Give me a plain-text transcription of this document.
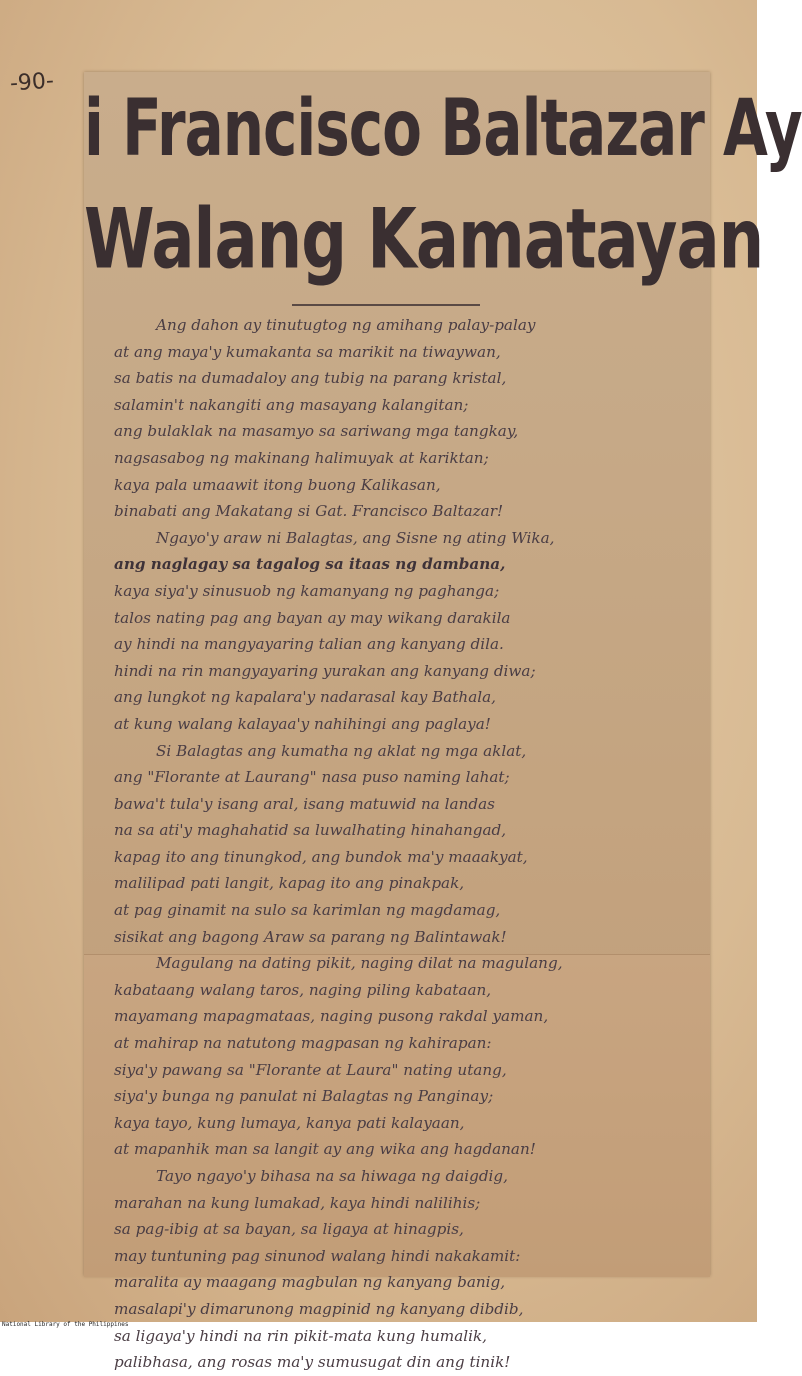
-90- i Francisco Baltazar Ay
Walang Kamatayan
Ang dahon ay tinutugtog ng amihang palay-palay
at ang maya'y kumakanta sa marikit na tiwaywan,
sa batis na dumadaloy ang tubig na parang kristal,
salamin't nakangiti ang masayang kalangitan;
ang bulaklak na masamyo sa sariwang mga tangkay,
nagsasabog ng makinang halimuyak at kariktan;
kaya pala umaawit itong buong Kalikasan,
binabati ang Makatang si Gat. Francisco Baltazar!
Ngayo'y araw ni Balagtas, ang Sisne ng ating Wika,
ang naglagay sa tagalog sa itaas ng dambana,
kaya siya'y sinusuob ng kamanyang ng paghanga;
talos nating pag ang bayan ay may wikang darakila
ay hindi na mangyayaring talian ang kanyang dila.
hindi na rin mangyayaring yurakan ang kanyang diwa;
ang lungkot ng kapalara'y nadarasal kay Bathala,
at kung walang kalayaa'y nahihingi ang paglaya!
Si Balagtas ang kumatha ng aklat ng mga aklat,
ang "Florante at Laurang" nasa puso naming lahat;
bawa't tula'y isang aral, isang matuwid na landas
na sa ati'y maghahatid sa luwalhating hinahangad,
kapag ito ang tinungkod, ang bundok ma'y maaakyat,
malilipad pati langit, kapag ito ang pinakpak,
at pag ginamit na sulo sa karimlan ng magdamag,
sisikat ang bagong Araw sa parang ng Balintawak!
Magulang na dating pikit, naging dilat na magulang,
kabataang walang taros, naging piling kabataan,
mayamang mapagmataas, naging pusong rakdal yaman,
at mahirap na natutong magpasan ng kahirapan:
siya'y pawang sa "Florante at Laura" nating utang,
siya'y bunga ng panulat ni Balagtas ng Panginay;
kaya tayo, kung lumaya, kanya pati kalayaan,
at mapanhik man sa langit ay ang wika ang hagdanan!
Tayo ngayo'y bihasa na sa hiwaga ng daigdig,
marahan na kung lumakad, kaya hindi nalilihis;
sa pag-ibig at sa bayan, sa ligaya at hinagpis,
may tuntuning pag sinunod walang hindi nakakamit:
maralita ay maagang magbulan ng kanyang banig,
masalapi'y dimarunong magpinid ng kanyang dibdib,
sa ligaya'y hindi na rin pikit-mata kung humalik,
palibhasa, ang rosas ma'y sumusugat din ang tinik!
National Library of the Philippines
